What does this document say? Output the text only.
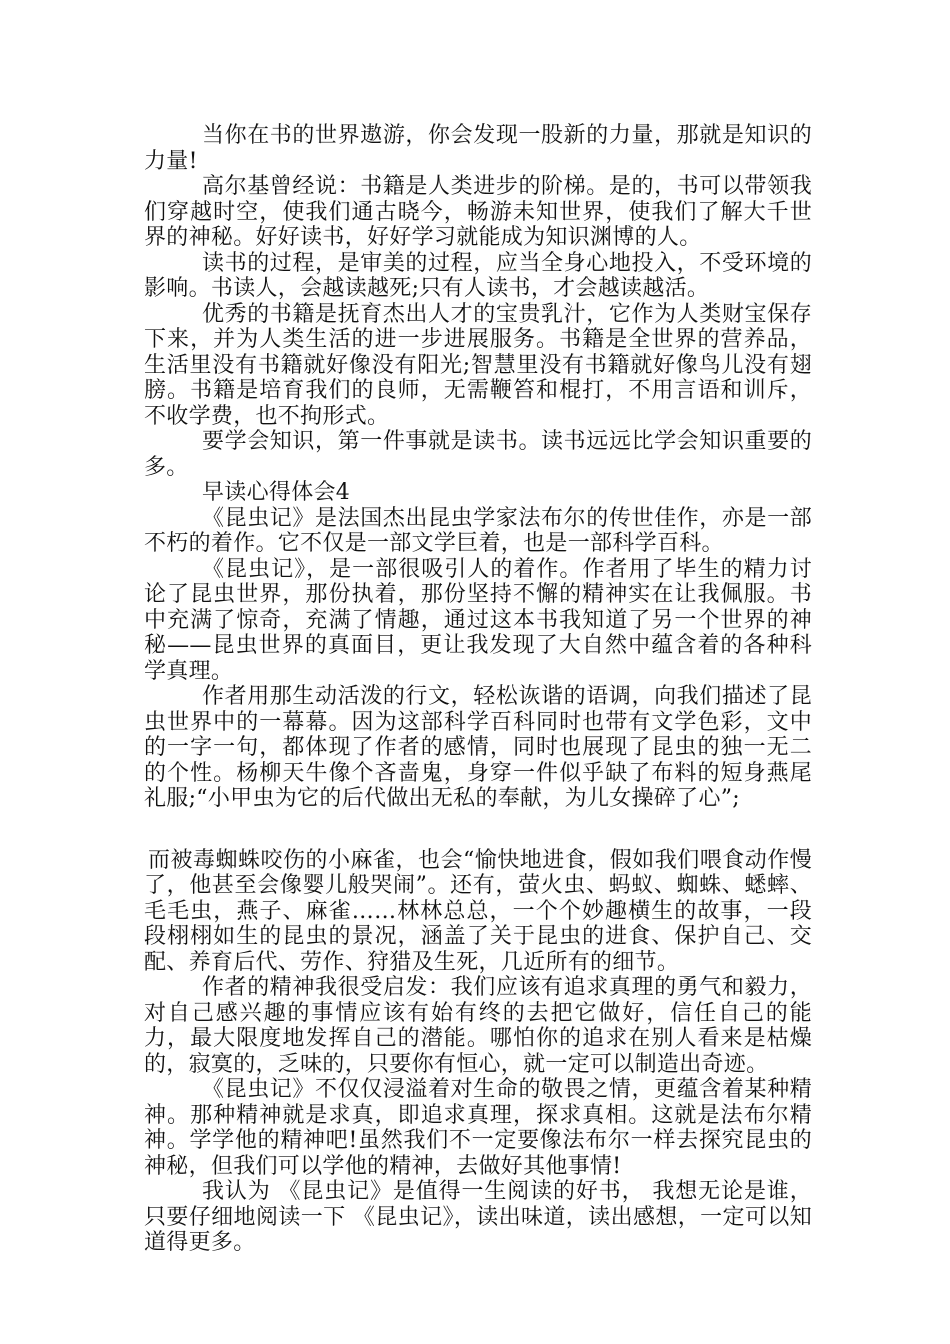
当你在书的世界遨游，你会发现一股新的力量，那就是知识的力量!

高尔基曾经说：书籍是人类进步的阶梯。是的，书可以带领我们穿越时空，使我们通古晓今，畅游未知世界，使我们了解大千世界的神秘。好好读书，好好学习就能成为知识渊博的人。

读书的过程，是审美的过程，应当全身心地投入，不受环境的影响。书读人，会越读越死;只有人读书，才会越读越活。

优秀的书籍是抚育杰出人才的宝贵乳汁，它作为人类财宝保存下来，并为人类生活的进一步进展服务。书籍是全世界的营养品，生活里没有书籍就好像没有阳光;智慧里没有书籍就好像鸟儿没有翅膀。书籍是培育我们的良师，无需鞭笞和棍打，不用言语和训斥，不收学费，也不拘形式。

要学会知识，第一件事就是读书。读书远远比学会知识重要的多。

早读心得体会4

《昆虫记》是法国杰出昆虫学家法布尔的传世佳作，亦是一部不朽的着作。它不仅是一部文学巨着，也是一部科学百科。

《昆虫记》，是一部很吸引人的着作。作者用了毕生的精力讨论了昆虫世界，那份执着，那份坚持不懈的精神实在让我佩服。书中充满了惊奇，充满了情趣，通过这本书我知道了另一个世界的神秘——昆虫世界的真面目，更让我发现了大自然中蕴含着的各种科学真理。

作者用那生动活泼的行文，轻松诙谐的语调，向我们描述了昆虫世界中的一幕幕。因为这部科学百科同时也带有文学色彩，文中的一字一句，都体现了作者的感情，同时也展现了昆虫的独一无二的个性。杨柳天牛像个吝啬鬼，身穿一件似乎缺了布料的短身燕尾礼服;“小甲虫为它的后代做出无私的奉献，为儿女操碎了心”;

而被毒蜘蛛咬伤的小麻雀，也会“愉快地进食，假如我们喂食动作慢了，他甚至会像婴儿般哭闹”。还有，萤火虫、蚂蚁、蜘蛛、蟋蟀、毛毛虫，燕子、麻雀……林林总总，一个个妙趣横生的故事，一段段栩栩如生的昆虫的景况，涵盖了关于昆虫的进食、保护自己、交配、养育后代、劳作、狩猎及生死，几近所有的细节。

作者的精神我很受启发：我们应该有追求真理的勇气和毅力，对自己感兴趣的事情应该有始有终的去把它做好，信任自己的能力，最大限度地发挥自己的潜能。哪怕你的追求在别人看来是枯燥的，寂寞的，乏味的，只要你有恒心，就一定可以制造出奇迹。

《昆虫记》不仅仅浸溢着对生命的敬畏之情，更蕴含着某种精神。那种精神就是求真，即追求真理，探求真相。这就是法布尔精神。学学他的精神吧!虽然我们不一定要像法布尔一样去探究昆虫的神秘，但我们可以学他的精神，去做好其他事情!

我认为 《昆虫记》是值得一生阅读的好书， 我想无论是谁，只要仔细地阅读一下 《昆虫记》，读出味道，读出感想，一定可以知道得更多。
